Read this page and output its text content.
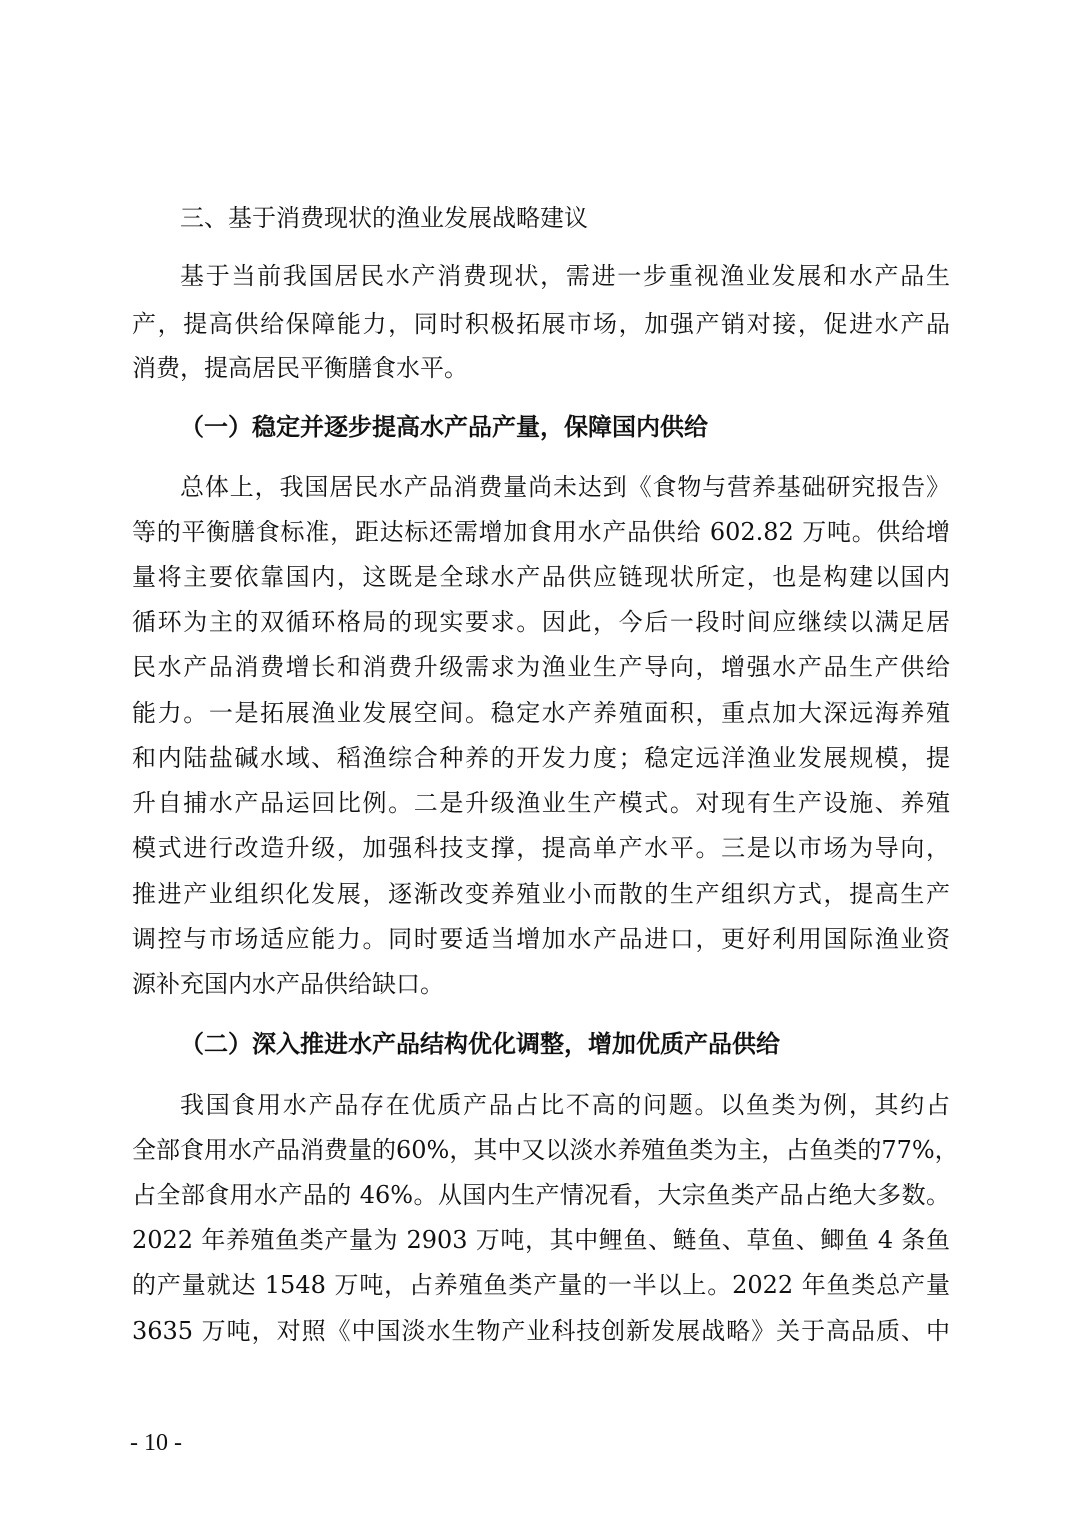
三、基于消费现状的渔业发展战略建议
基于当前我国居民水产消费现状，需进一步重视渔业发展和水产品生
产，提高供给保障能力，同时积极拓展市场，加强产销对接，促进水产品
消费，提高居民平衡膳食水平。
（一）稳定并逐步提高水产品产量，保障国内供给
总体上，我国居民水产品消费量尚未达到《食物与营养基础研究报告》
等的平衡膳食标准，距达标还需增加食用水产品供给 602.82 万吨。供给增
量将主要依靠国内，这既是全球水产品供应链现状所定，也是构建以国内
循环为主的双循环格局的现实要求。因此，今后一段时间应继续以满足居
民水产品消费增长和消费升级需求为渔业生产导向，增强水产品生产供给
能力。一是拓展渔业发展空间。稳定水产养殖面积，重点加大深远海养殖
和内陆盐碱水域、稻渔综合种养的开发力度；稳定远洋渔业发展规模，提
升自捕水产品运回比例。二是升级渔业生产模式。对现有生产设施、养殖
模式进行改造升级，加强科技支撑，提高单产水平。三是以市场为导向，
推进产业组织化发展，逐渐改变养殖业小而散的生产组织方式，提高生产
调控与市场适应能力。同时要适当增加水产品进口，更好利用国际渔业资
源补充国内水产品供给缺口。
（二）深入推进水产品结构优化调整，增加优质产品供给
我国食用水产品存在优质产品占比不高的问题。以鱼类为例，其约占
全部食用水产品消费量的60%，其中又以淡水养殖鱼类为主，占鱼类的77%，
占全部食用水产品的 46%。从国内生产情况看，大宗鱼类产品占绝大多数。
2022 年养殖鱼类产量为 2903 万吨，其中鲤鱼、鲢鱼、草鱼、鲫鱼 4 条鱼
的产量就达 1548 万吨，占养殖鱼类产量的一半以上。2022 年鱼类总产量
3635 万吨，对照《中国淡水生物产业科技创新发展战略》关于高品质、中
- 10 -
